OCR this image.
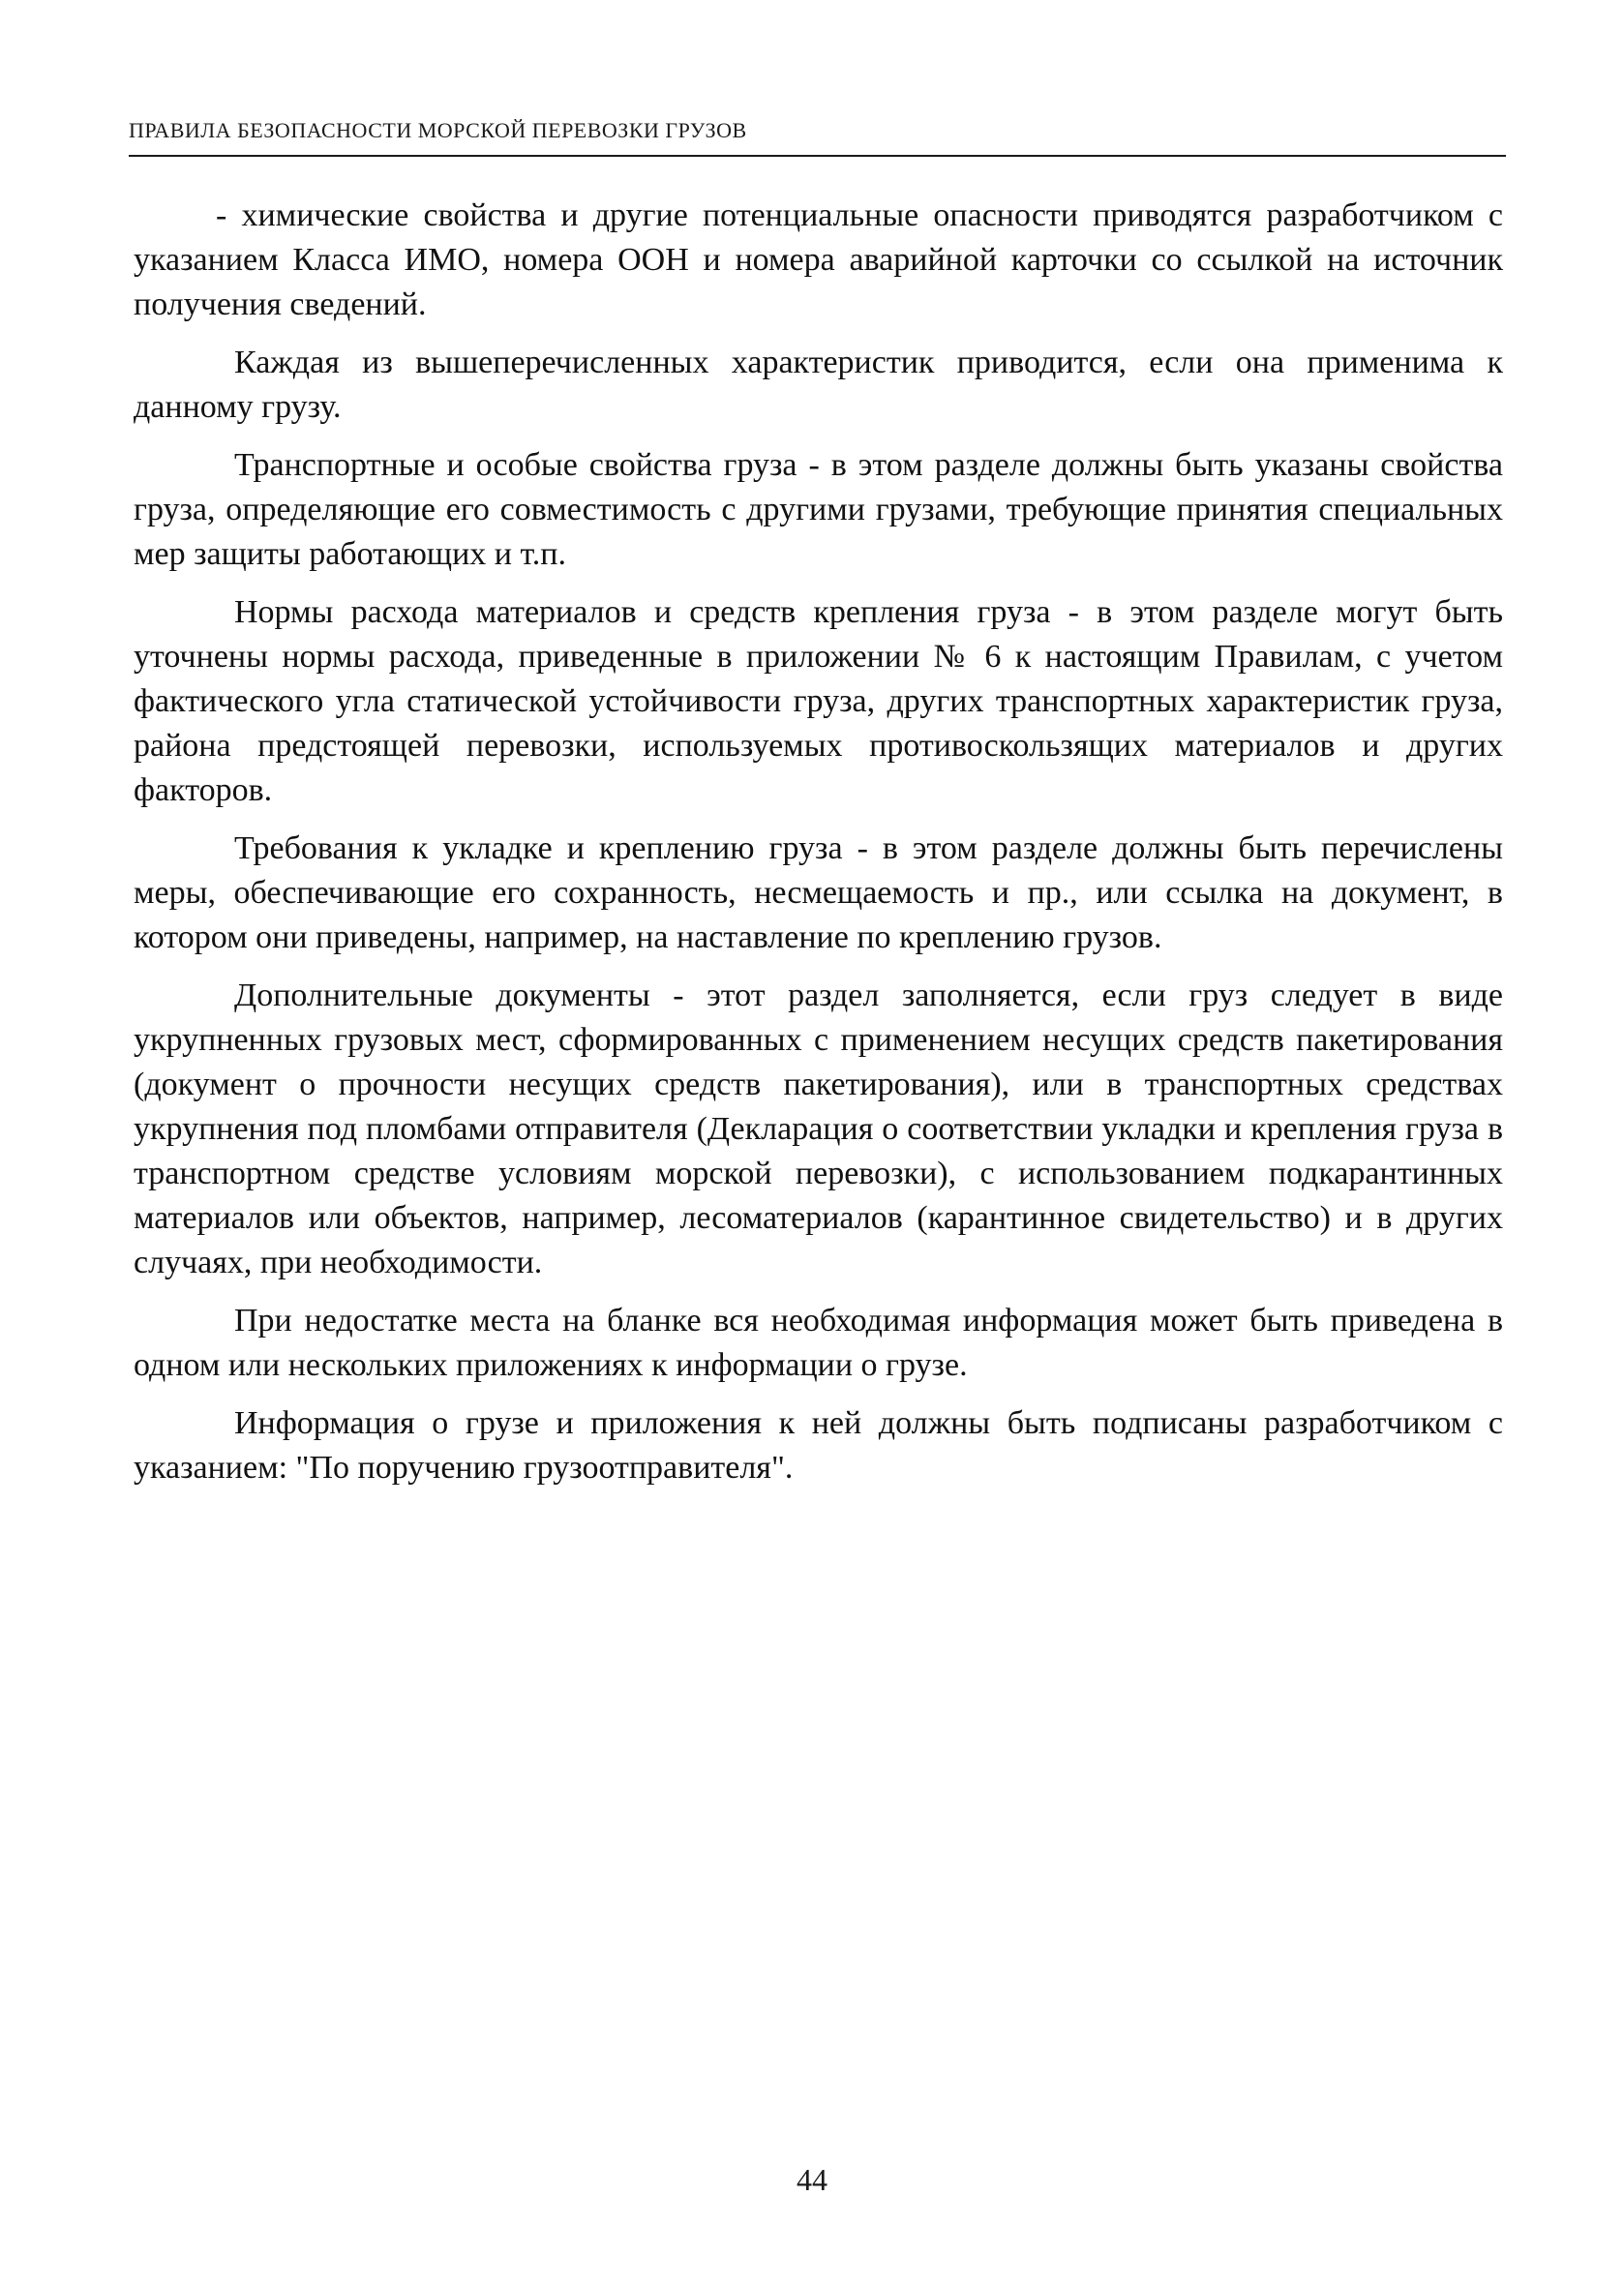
ПРАВИЛА БЕЗОПАСНОСТИ МОРСКОЙ ПЕРЕВОЗКИ ГРУЗОВ

- химические свойства и другие потенциальные опасности приводятся разработчиком с указанием Класса ИМО, номера ООН и номера аварийной карточки со ссылкой на источник получения сведений.

Каждая из вышеперечисленных характеристик приводится, если она применима к данному грузу.

Транспортные и особые свойства груза - в этом разделе должны быть указаны свойства груза, определяющие его совместимость с другими грузами, требующие принятия специальных мер защиты работающих и т.п.

Нормы расхода материалов и средств крепления груза - в этом разделе могут быть уточнены нормы расхода, приведенные в приложении № 6 к настоящим Правилам, с учетом фактического угла статической устойчивости груза, других транспортных характеристик груза, района предстоящей перевозки, используемых противоскользящих материалов и других факторов.

Требования к укладке и креплению груза - в этом разделе должны быть перечислены меры, обеспечивающие его сохранность, несмещаемость и пр., или ссылка на документ, в котором они приведены, например, на наставление по креплению грузов.

Дополнительные документы - этот раздел заполняется, если груз следует в виде укрупненных грузовых мест, сформированных с применением несущих средств пакетирования (документ о прочности несущих средств пакетирования), или в транспортных средствах укрупнения под пломбами отправителя (Декларация о соответствии укладки и крепления груза в транспортном средстве условиям морской перевозки), с использованием подкарантинных материалов или объектов, например, лесоматериалов (карантинное свидетельство) и в других случаях, при необходимости.

При недостатке места на бланке вся необходимая информация может быть приведена в одном или нескольких приложениях к информации о грузе.

Информация о грузе и приложения к ней должны быть подписаны разработчиком с указанием: "По поручению грузоотправителя".

44
